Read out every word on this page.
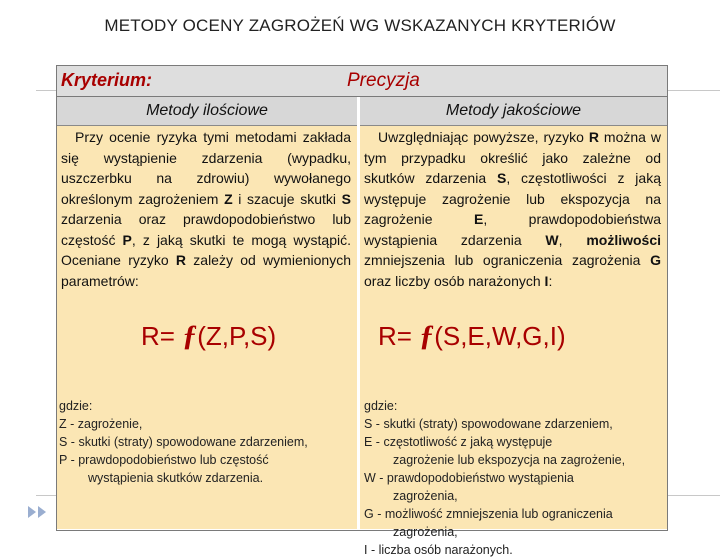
METODY OCENY ZAGROŻEŃ WG WSKAZANYCH KRYTERIÓW
Kryterium:	Precyzja
Metody ilościowe
 Przy ocenie ryzyka tymi metodami zakłada się wystąpienie zdarzenia (wypadku, uszczerbku na zdrowiu) wywołanego określonym zagrożeniem Z i szacuje skutki S zdarzenia oraz prawdopodobieństwo lub częstość P, z jaką skutki te mogą wystąpić. Oceniane ryzyko R zależy od wymienionych parametrów:
R= ƒ(Z,P,S)
gdzie:
Z - zagrożenie,
S - skutki (straty) spowodowane zdarzeniem,
P - prawdopodobieństwo lub częstość
wystąpienia skutków zdarzenia.
Metody jakościowe
 Uwzględniając powyższe, ryzyko R można w tym przypadku określić jako zależne od skutków zdarzenia S, częstotliwości z jaką występuje zagrożenie lub ekspozycja na zagrożenie E, prawdopodobieństwa wystąpienia zdarzenia W, możliwości zmniejszenia lub ograniczenia zagrożenia G oraz liczby osób narażonych I:
R= ƒ(S,E,W,G,I)
gdzie:
S - skutki (straty) spowodowane zdarzeniem,
E - częstotliwość z jaką występuje
zagrożenie lub ekspozycja na zagrożenie,
W - prawdopodobieństwo wystąpienia
zagrożenia,
G - możliwość zmniejszenia lub ograniczenia
zagrożenia,
I - liczba osób narażonych.
